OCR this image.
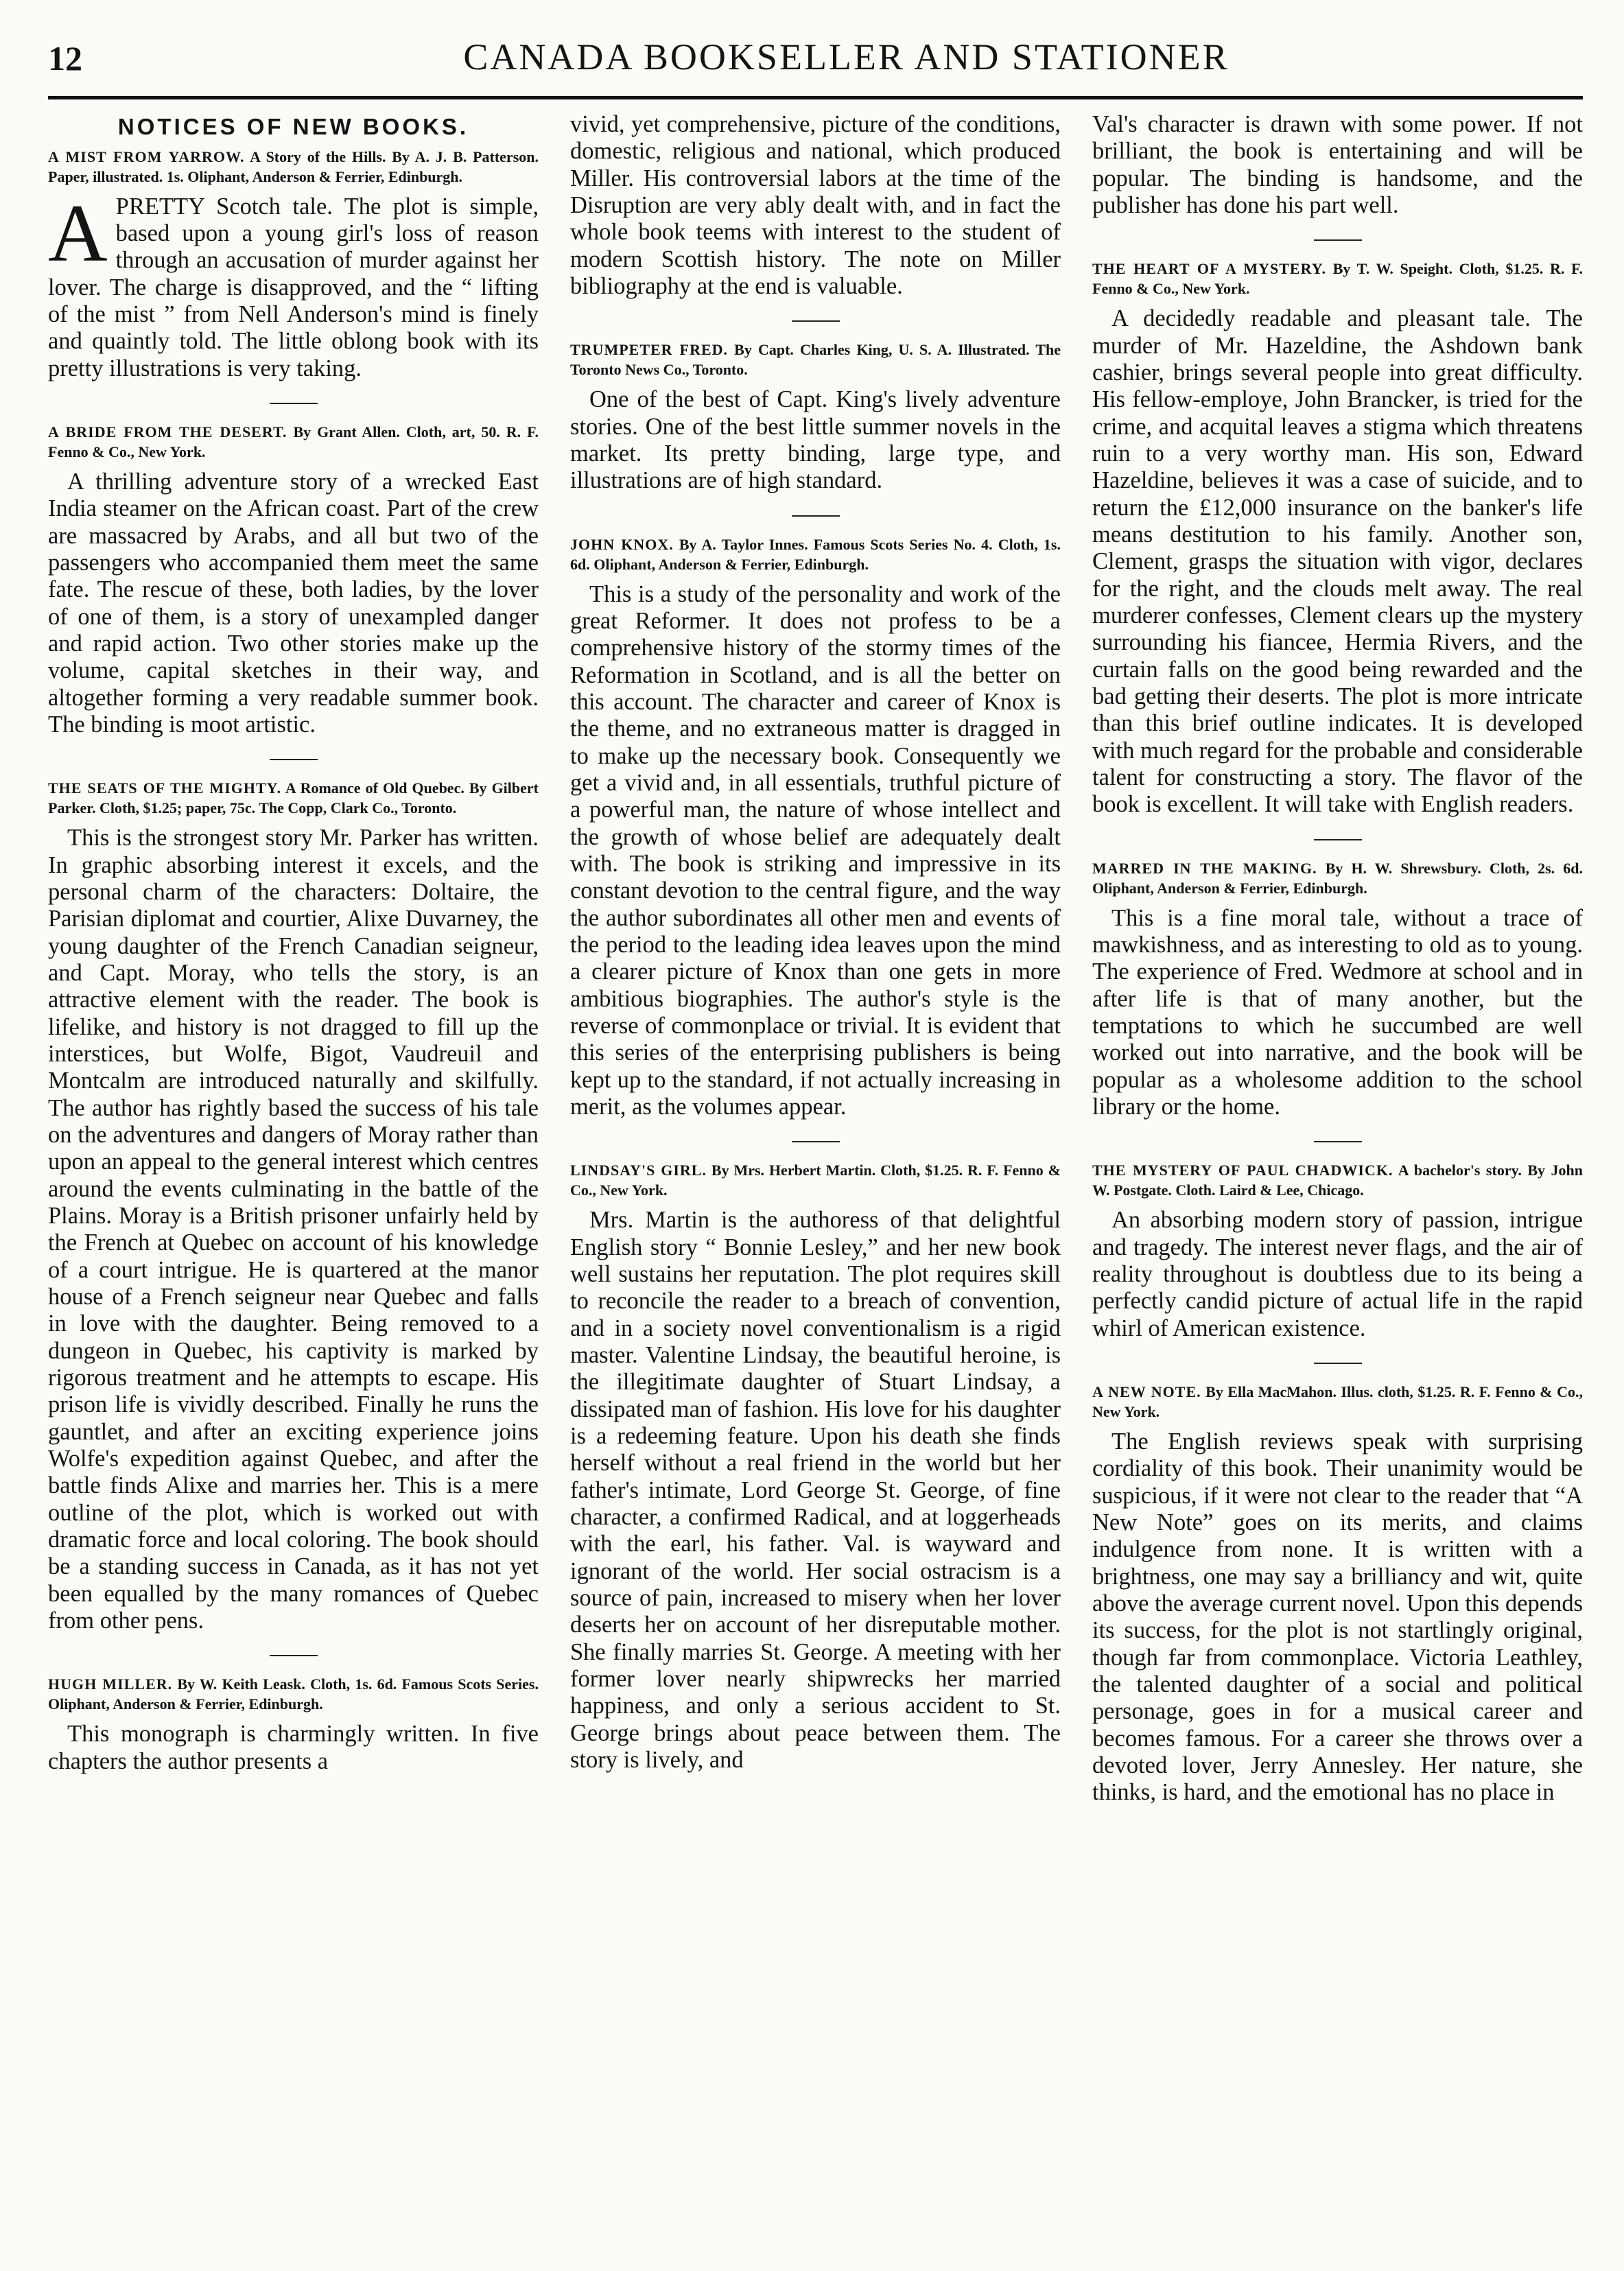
12	CANADA BOOKSELLER AND STATIONER
NOTICES OF NEW BOOKS.

A MIST FROM YARROW. A Story of the Hills. By A. J. B. Patterson. Paper, illustrated. 1s. Oliphant, Anderson & Ferrier, Edinburgh.

APRETTY Scotch tale. The plot is simple, based upon a young girl's loss of reason through an accusation of murder against her lover. The charge is disapproved, and the “ lifting of the mist ” from Nell Anderson's mind is finely and quaintly told. The little oblong book with its pretty illustrations is very taking.

A BRIDE FROM THE DESERT. By Grant Allen. Cloth, art, 50. R. F. Fenno & Co., New York.

A thrilling adventure story of a wrecked East India steamer on the African coast. Part of the crew are massacred by Arabs, and all but two of the passengers who accompanied them meet the same fate. The rescue of these, both ladies, by the lover of one of them, is a story of unexampled danger and rapid action. Two other stories make up the volume, capital sketches in their way, and altogether forming a very readable summer book. The binding is moot artistic.

THE SEATS OF THE MIGHTY. A Romance of Old Quebec. By Gilbert Parker. Cloth, $1.25; paper, 75c. The Copp, Clark Co., Toronto.

This is the strongest story Mr. Parker has written. In graphic absorbing interest it excels, and the personal charm of the characters: Doltaire, the Parisian diplomat and courtier, Alixe Duvarney, the young daughter of the French Canadian seigneur, and Capt. Moray, who tells the story, is an attractive element with the reader. The book is lifelike, and history is not dragged to fill up the interstices, but Wolfe, Bigot, Vaudreuil and Montcalm are introduced naturally and skilfully. The author has rightly based the success of his tale on the adventures and dangers of Moray rather than upon an appeal to the general interest which centres around the events culminating in the battle of the Plains. Moray is a British prisoner unfairly held by the French at Quebec on account of his knowledge of a court intrigue. He is quartered at the manor house of a French seigneur near Quebec and falls in love with the daughter. Being removed to a dungeon in Quebec, his captivity is marked by rigorous treatment and he attempts to escape. His prison life is vividly described. Finally he runs the gauntlet, and after an exciting experience joins Wolfe's expedition against Quebec, and after the battle finds Alixe and marries her. This is a mere outline of the plot, which is worked out with dramatic force and local coloring. The book should be a standing success in Canada, as it has not yet been equalled by the many romances of Quebec from other pens.

HUGH MILLER. By W. Keith Leask. Cloth, 1s. 6d. Famous Scots Series. Oliphant, Anderson & Ferrier, Edinburgh.

This monograph is charmingly written. In five chapters the author presents a

vivid, yet comprehensive, picture of the conditions, domestic, religious and national, which produced Miller. His controversial labors at the time of the Disruption are very ably dealt with, and in fact the whole book teems with interest to the student of modern Scottish history. The note on Miller bibliography at the end is valuable.

TRUMPETER FRED. By Capt. Charles King, U. S. A. Illustrated. The Toronto News Co., Toronto.

One of the best of Capt. King's lively adventure stories. One of the best little summer novels in the market. Its pretty binding, large type, and illustrations are of high standard.

JOHN KNOX. By A. Taylor Innes. Famous Scots Series No. 4. Cloth, 1s. 6d. Oliphant, Anderson & Ferrier, Edinburgh.

This is a study of the personality and work of the great Reformer. It does not profess to be a comprehensive history of the stormy times of the Reformation in Scotland, and is all the better on this account. The character and career of Knox is the theme, and no extraneous matter is dragged in to make up the necessary book. Consequently we get a vivid and, in all essentials, truthful picture of a powerful man, the nature of whose intellect and the growth of whose belief are adequately dealt with. The book is striking and impressive in its constant devotion to the central figure, and the way the author subordinates all other men and events of the period to the leading idea leaves upon the mind a clearer picture of Knox than one gets in more ambitious biographies. The author's style is the reverse of commonplace or trivial. It is evident that this series of the enterprising publishers is being kept up to the standard, if not actually increasing in merit, as the volumes appear.

LINDSAY'S GIRL. By Mrs. Herbert Martin. Cloth, $1.25. R. F. Fenno & Co., New York.

Mrs. Martin is the authoress of that delightful English story “ Bonnie Lesley,” and her new book well sustains her reputation. The plot requires skill to reconcile the reader to a breach of convention, and in a society novel conventionalism is a rigid master. Valentine Lindsay, the beautiful heroine, is the illegitimate daughter of Stuart Lindsay, a dissipated man of fashion. His love for his daughter is a redeeming feature. Upon his death she finds herself without a real friend in the world but her father's intimate, Lord George St. George, of fine character, a confirmed Radical, and at loggerheads with the earl, his father. Val. is wayward and ignorant of the world. Her social ostracism is a source of pain, increased to misery when her lover deserts her on account of her disreputable mother. She finally marries St. George. A meeting with her former lover nearly shipwrecks her married happiness, and only a serious accident to St. George brings about peace between them. The story is lively, and

Val's character is drawn with some power. If not brilliant, the book is entertaining and will be popular. The binding is handsome, and the publisher has done his part well.

THE HEART OF A MYSTERY. By T. W. Speight. Cloth, $1.25. R. F. Fenno & Co., New York.

A decidedly readable and pleasant tale. The murder of Mr. Hazeldine, the Ashdown bank cashier, brings several people into great difficulty. His fellow-employe, John Brancker, is tried for the crime, and acquital leaves a stigma which threatens ruin to a very worthy man. His son, Edward Hazeldine, believes it was a case of suicide, and to return the £12,000 insurance on the banker's life means destitution to his family. Another son, Clement, grasps the situation with vigor, declares for the right, and the clouds melt away. The real murderer confesses, Clement clears up the mystery surrounding his fiancee, Hermia Rivers, and the curtain falls on the good being rewarded and the bad getting their deserts. The plot is more intricate than this brief outline indicates. It is developed with much regard for the probable and considerable talent for constructing a story. The flavor of the book is excellent. It will take with English readers.

MARRED IN THE MAKING. By H. W. Shrewsbury. Cloth, 2s. 6d. Oliphant, Anderson & Ferrier, Edinburgh.

This is a fine moral tale, without a trace of mawkishness, and as interesting to old as to young. The experience of Fred. Wedmore at school and in after life is that of many another, but the temptations to which he succumbed are well worked out into narrative, and the book will be popular as a wholesome addition to the school library or the home.

THE MYSTERY OF PAUL CHADWICK. A bachelor's story. By John W. Postgate. Cloth. Laird & Lee, Chicago.

An absorbing modern story of passion, intrigue and tragedy. The interest never flags, and the air of reality throughout is doubtless due to its being a perfectly candid picture of actual life in the rapid whirl of American existence.

A NEW NOTE. By Ella MacMahon. Illus. cloth, $1.25. R. F. Fenno & Co., New York.

The English reviews speak with surprising cordiality of this book. Their unanimity would be suspicious, if it were not clear to the reader that “A New Note” goes on its merits, and claims indulgence from none. It is written with a brightness, one may say a brilliancy and wit, quite above the average current novel. Upon this depends its success, for the plot is not startlingly original, though far from commonplace. Victoria Leathley, the talented daughter of a social and political personage, goes in for a musical career and becomes famous. For a career she throws over a devoted lover, Jerry Annesley. Her nature, she thinks, is hard, and the emotional has no place in
